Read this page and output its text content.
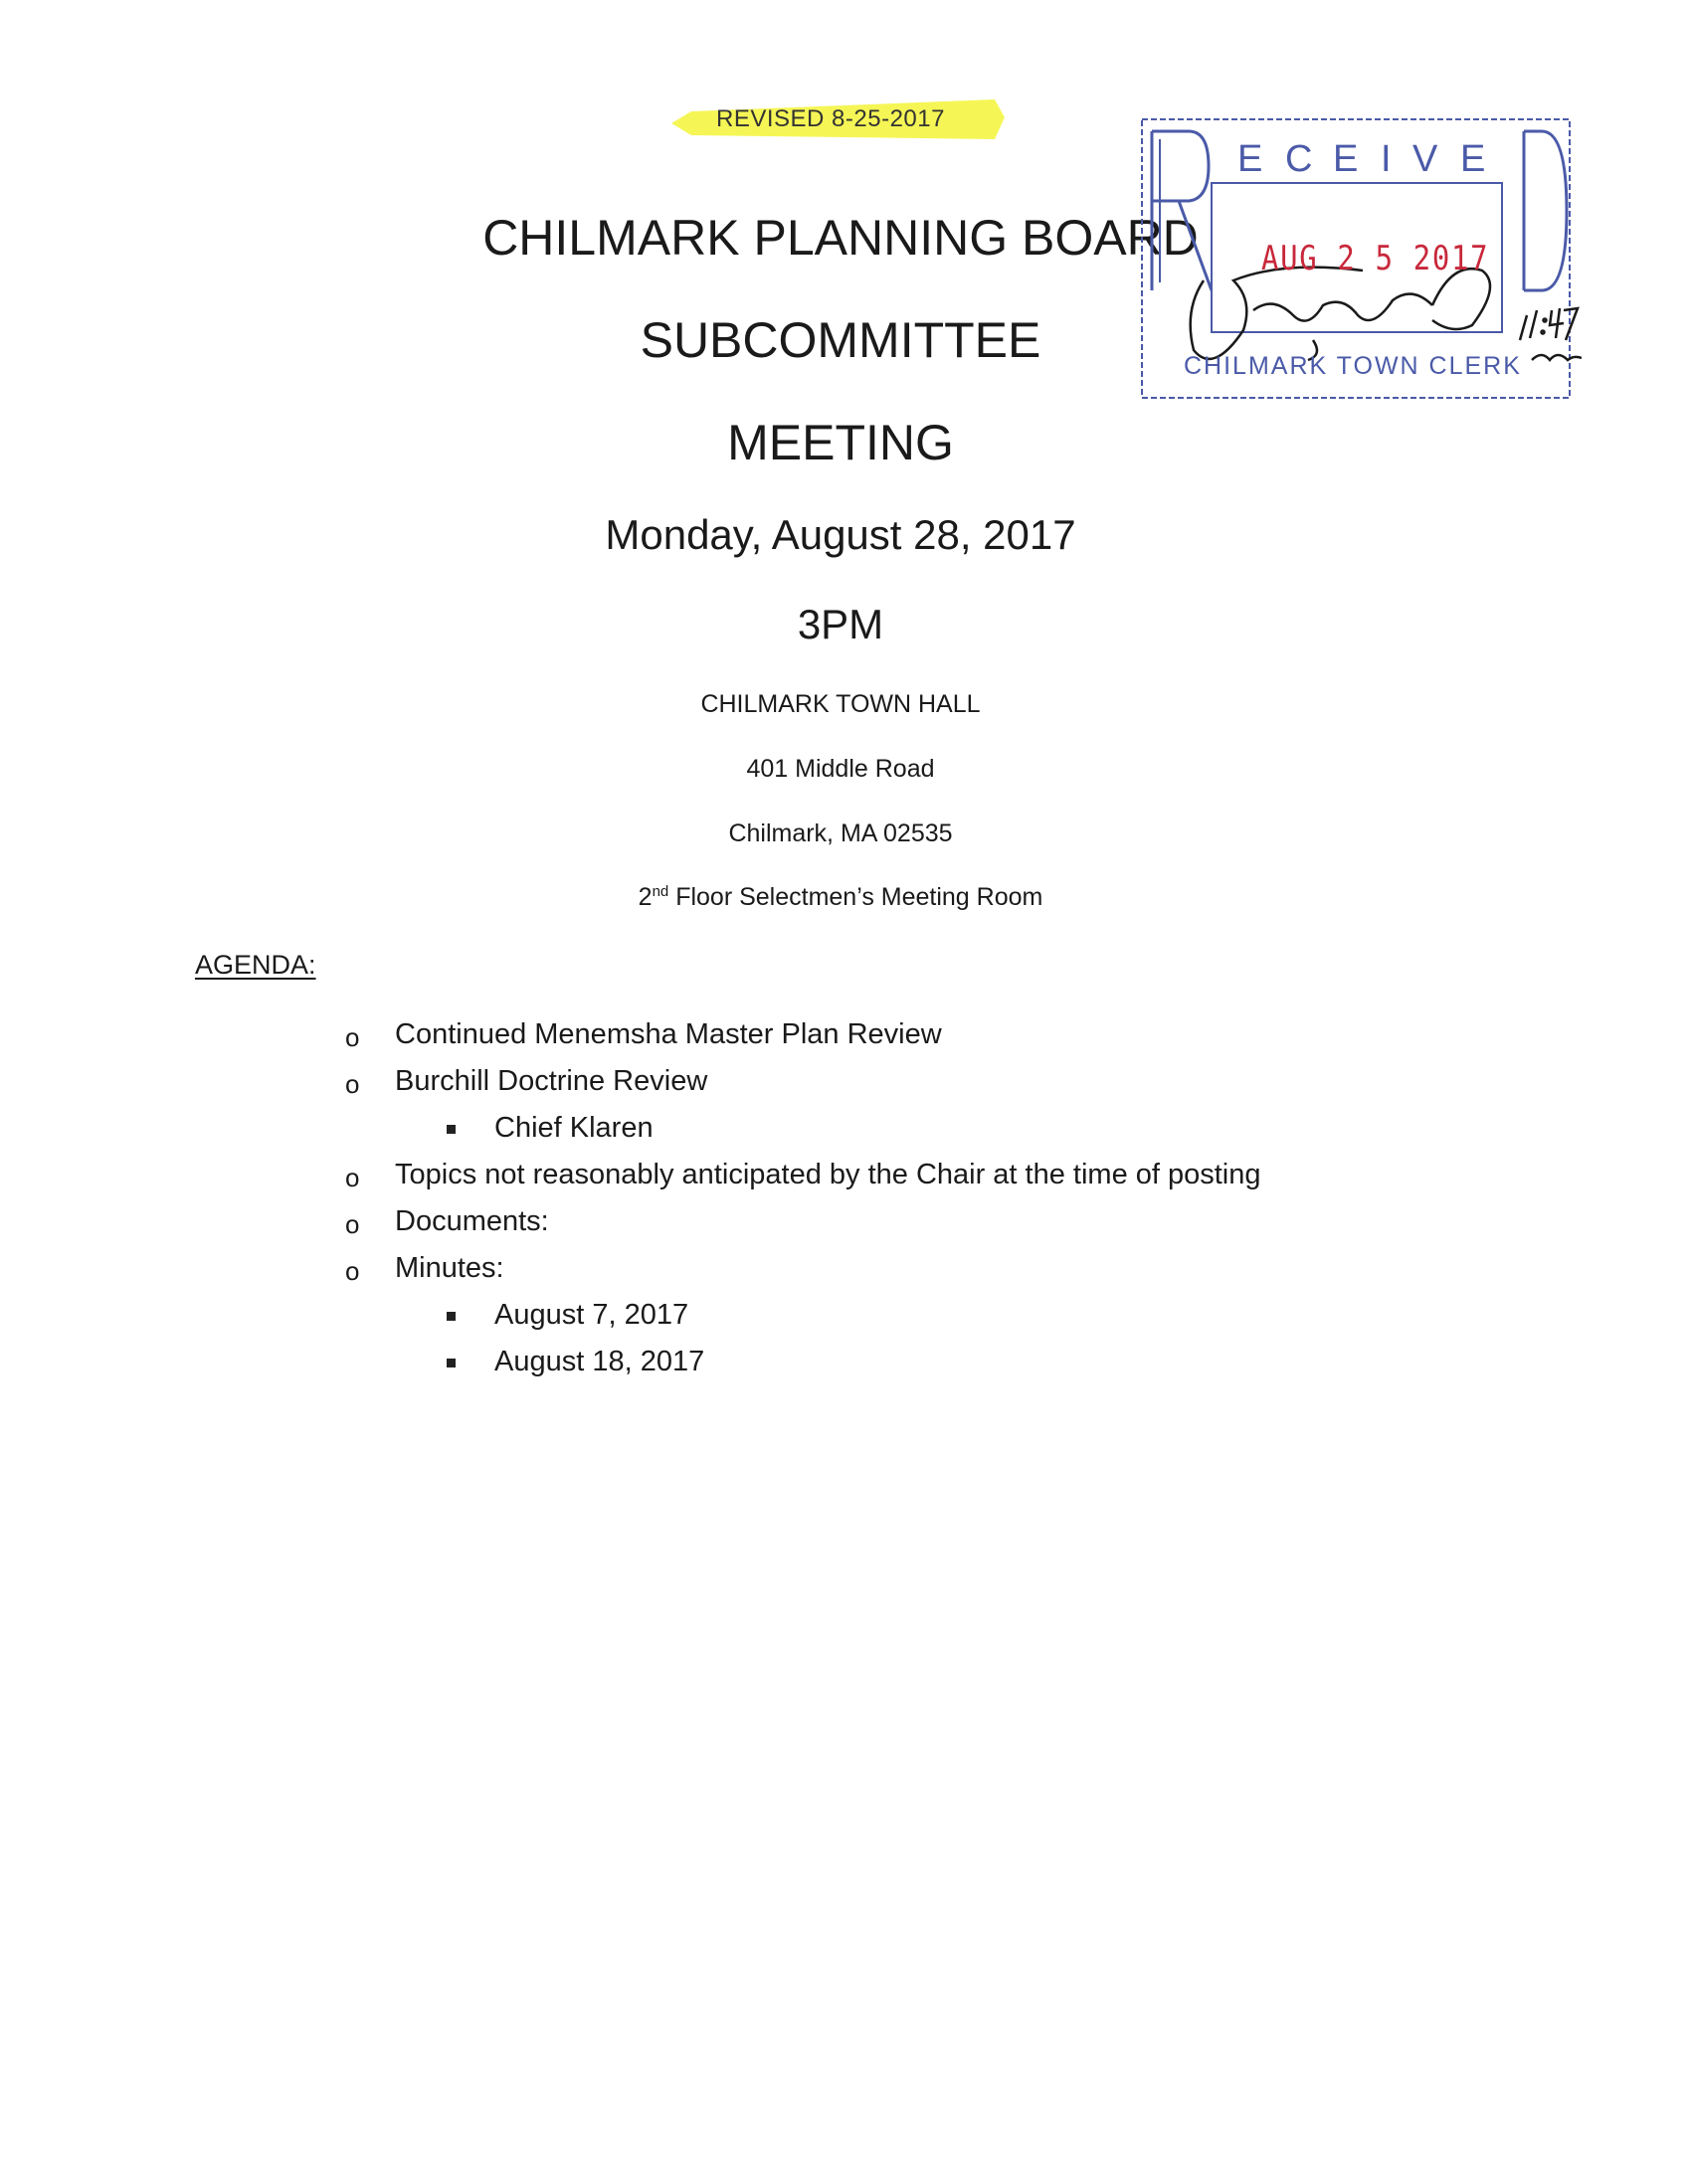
REVISED 8-25-2017
CHILMARK PLANNING BOARD
SUBCOMMITTEE
MEETING
Monday, August 28, 2017
3PM
CHILMARK TOWN HALL
401 Middle Road
Chilmark, MA 02535
2nd Floor Selectmen’s Meeting Room
AGENDA:
o Continued Menemsha Master Plan Review
o Burchill Doctrine Review
Chief Klaren
o Topics not reasonably anticipated by the Chair at the time of posting
o Documents:
o Minutes:
August 7, 2017
August 18, 2017
E C E I V E
AUG 2 5 2017
CHILMARK TOWN CLERK
